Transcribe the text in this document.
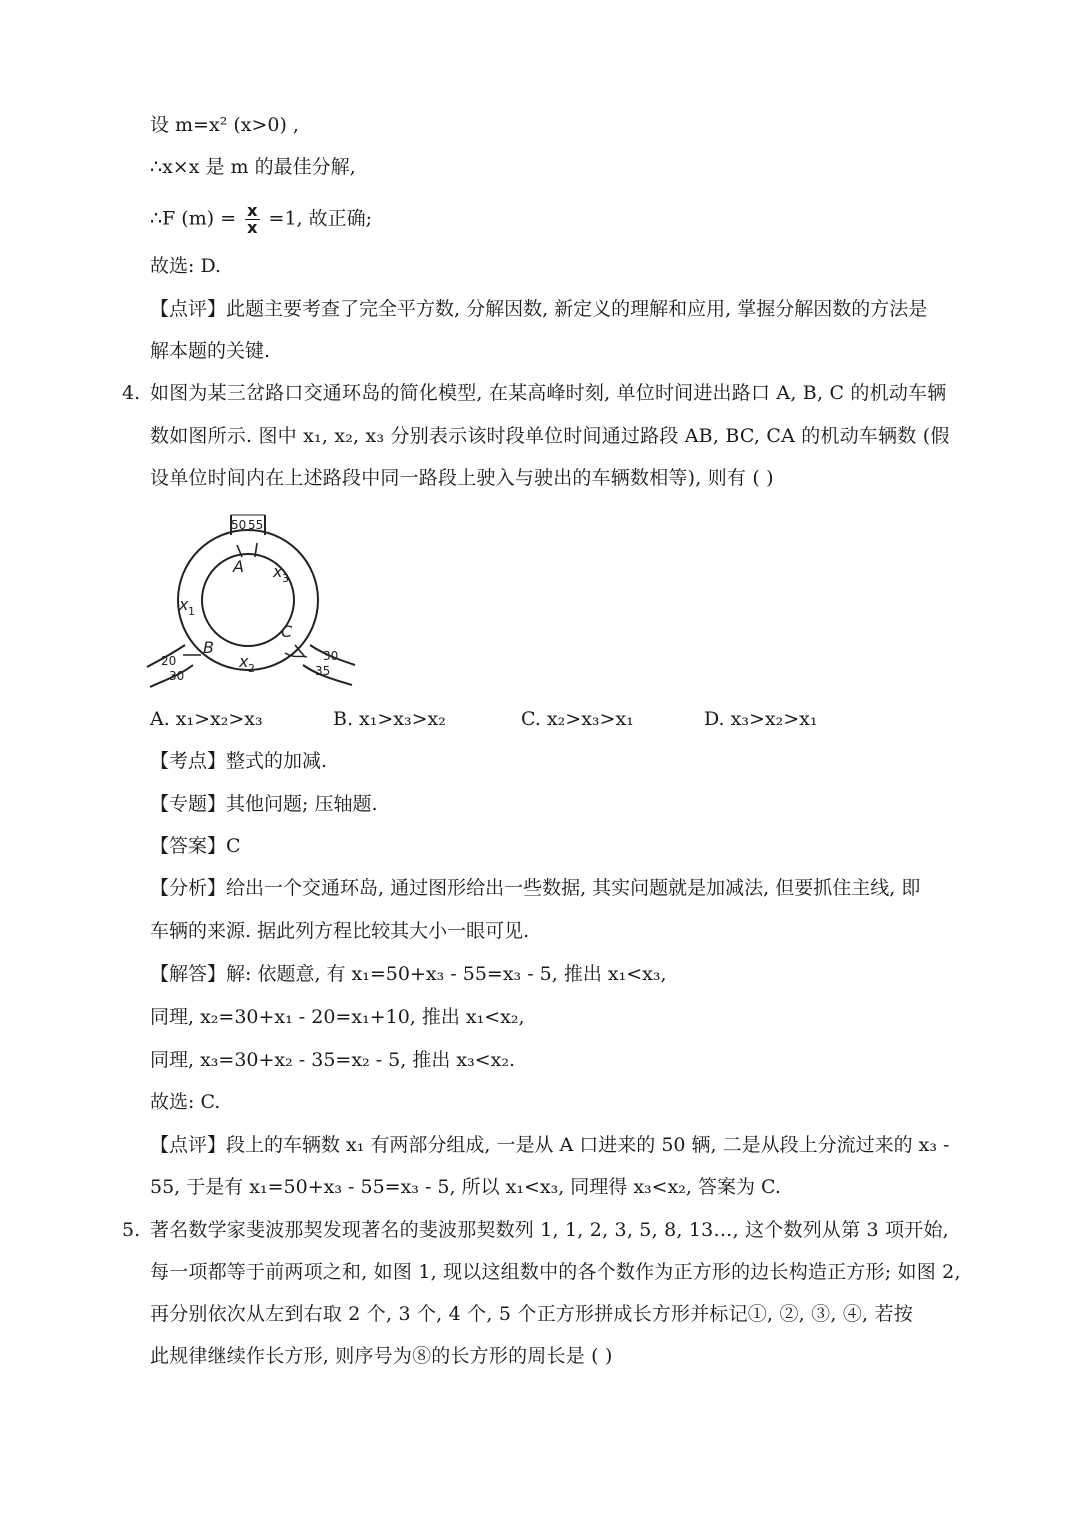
设 m=x² (x>0) ,
∴x×x 是 m 的最佳分解,
∴F $(m) = \frac{x}{x} =1$, 故正确;
故选: D.
【点评】此题主要考查了完全平方数, 分解因数, 新定义的理解和应用, 掌握分解因数的方法是
解本题的关键.
4. 如图为某三岔路口交通环岛的简化模型, 在某高峰时刻, 单位时间进出路口 A, B, C 的机动车辆
数如图所示. 图中 x₁, x₂, x₃ 分别表示该时段单位时间通过路段 AB, BC, CA 的机动车辆数 (假
设单位时间内在上述路段中同一路段上驶入与驶出的车辆数相等), 则有 ( )
50 55
20
30
30
35
A
B
C
x
x
x
1
2
3
A. x₁>x₂>x₃	B. x₁>x₃>x₂	C. x₂>x₃>x₁	D. x₃>x₂>x₁
【考点】整式的加减.
【专题】其他问题; 压轴题.
【答案】C
【分析】给出一个交通环岛, 通过图形给出一些数据, 其实问题就是加减法, 但要抓住主线, 即
车辆的来源. 据此列方程比较其大小一眼可见.
【解答】解: 依题意, 有 x₁=50+x₃ - 55=x₃ - 5, 推出 x₁<x₃,
同理, x₂=30+x₁ - 20=x₁+10, 推出 x₁<x₂,
同理, x₃=30+x₂ - 35=x₂ - 5, 推出 x₃<x₂.
故选: C.
【点评】段上的车辆数 x₁ 有两部分组成, 一是从 A 口进来的 50 辆, 二是从段上分流过来的 x₃ -
55, 于是有 x₁=50+x₃ - 55=x₃ - 5, 所以 x₁<x₃, 同理得 x₃<x₂, 答案为 C.
5. 著名数学家斐波那契发现著名的斐波那契数列 1, 1, 2, 3, 5, 8, 13…, 这个数列从第 3 项开始,
每一项都等于前两项之和, 如图 1, 现以这组数中的各个数作为正方形的边长构造正方形; 如图 2,
再分别依次从左到右取 2 个, 3 个, 4 个, 5 个正方形拼成长方形并标记①, ②, ③, ④, 若按
此规律继续作长方形, 则序号为⑧的长方形的周长是 ( )
